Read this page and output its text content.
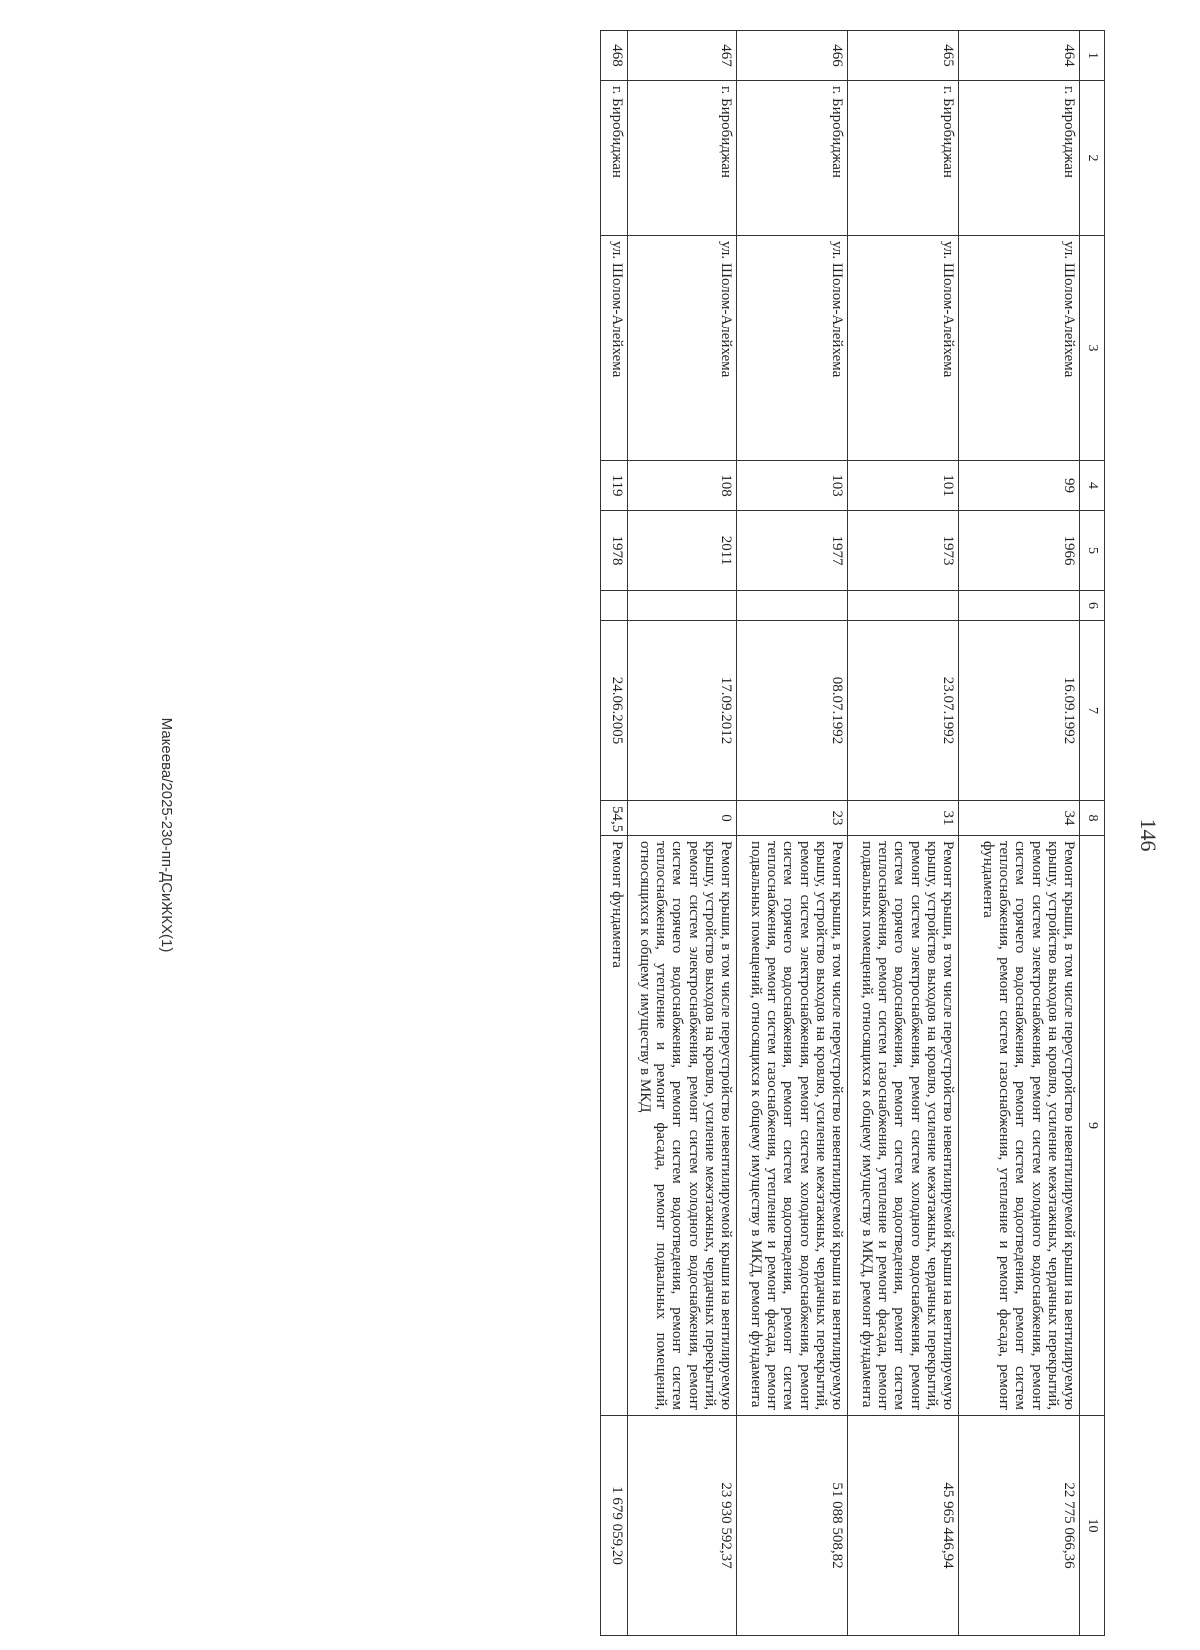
146
1	2	3	4	5	6	7	8	9	10
464	г. Биробиджан	ул. Шолом-Алейхема	99	1966		16.09.1992	34	Ремонт крыши, в том числе переустройство невентилируемой крыши на вентилируемую крышу, устройство выходов на кровлю, усиление межэтажных, чердачных перекрытий, ремонт систем электроснабжения, ремонт систем холодного водоснабжения, ремонт систем горячего водоснабжения, ремонт систем водоотведения, ремонт систем теплоснабжения, ремонт систем газоснабжения, утепление и ремонт фасада, ремонт фундамента	22 775 066,36
465	г. Биробиджан	ул. Шолом-Алейхема	101	1973		23.07.1992	31	Ремонт крыши, в том числе переустройство невентилируемой крыши на вентилируемую крышу, устройство выходов на кровлю, усиление межэтажных, чердачных перекрытий, ремонт систем электроснабжения, ремонт систем холодного водоснабжения, ремонт систем горячего водоснабжения, ремонт систем водоотведения, ремонт систем теплоснабжения, ремонт систем газоснабжения, утепление и ремонт фасада, ремонт подвальных помещений, относящихся к общему имуществу в МКД, ремонт фундамента	45 965 446,94
466	г. Биробиджан	ул. Шолом-Алейхема	103	1977		08.07.1992	23	Ремонт крыши, в том числе переустройство невентилируемой крыши на вентилируемую крышу, устройство выходов на кровлю, усиление межэтажных, чердачных перекрытий, ремонт систем электроснабжения, ремонт систем холодного водоснабжения, ремонт систем горячего водоснабжения, ремонт систем водоотведения, ремонт систем теплоснабжения, ремонт систем газоснабжения, утепление и ремонт фасада, ремонт подвальных помещений, относящихся к общему имуществу в МКД, ремонт фундамента	51 088 508,82
467	г. Биробиджан	ул. Шолом-Алейхема	108	2011		17.09.2012	0	Ремонт крыши, в том числе переустройство невентилируемой крыши на вентилируемую крышу, устройство выходов на кровлю, усиление межэтажных, чердачных перекрытий, ремонт систем электроснабжения, ремонт систем холодного водоснабжения, ремонт систем горячего водоснабжения, ремонт систем водоотведения, ремонт систем теплоснабжения, утепление и ремонт фасада, ремонт подвальных помещений, относящихся к общему имуществу в МКД	23 930 592,37
468	г. Биробиджан	ул. Шолом-Алейхема	119	1978		24.06.2005	54,5	Ремонт фундамента	1 679 059,20
Макеева/2025-230-пп-ДСиЖКХ(1)
